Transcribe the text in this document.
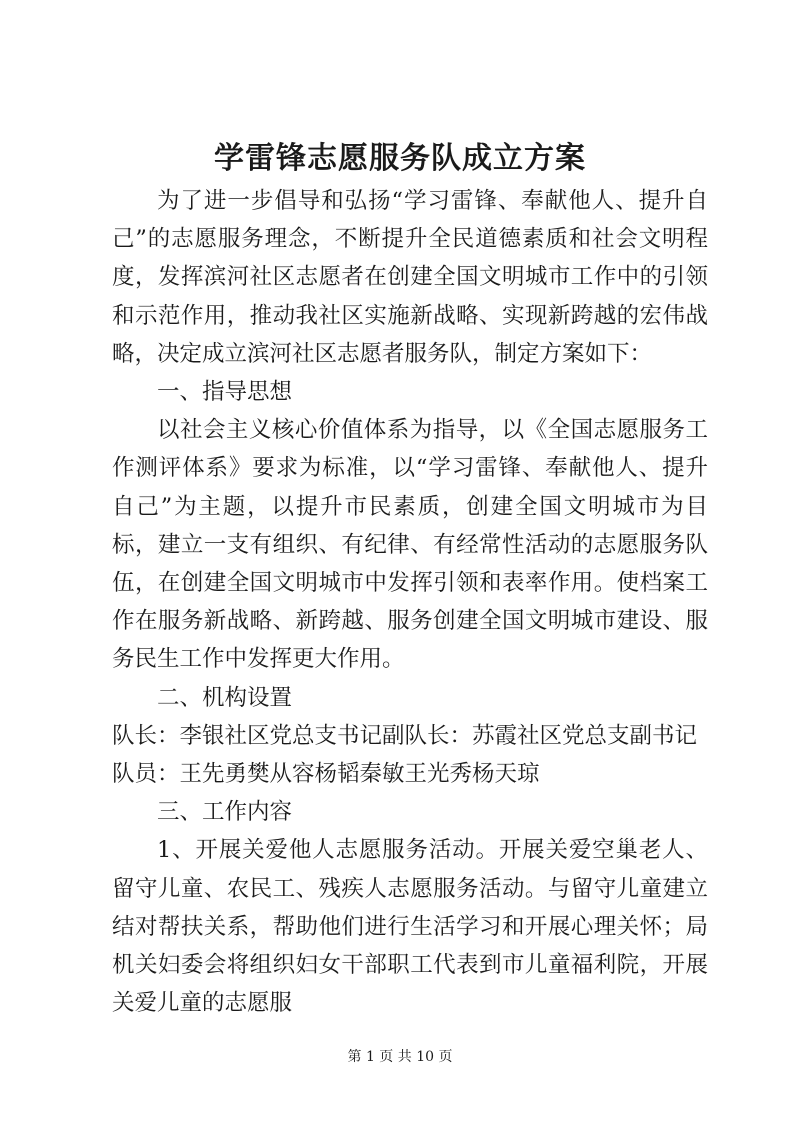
学雷锋志愿服务队成立方案

为了进一步倡导和弘扬“学习雷锋、奉献他人、提升自己”的志愿服务理念，不断提升全民道德素质和社会文明程度，发挥滨河社区志愿者在创建全国文明城市工作中的引领和示范作用，推动我社区实施新战略、实现新跨越的宏伟战略，决定成立滨河社区志愿者服务队，制定方案如下：

一、指导思想

以社会主义核心价值体系为指导，以《全国志愿服务工作测评体系》要求为标准，以“学习雷锋、奉献他人、提升自己”为主题，以提升市民素质，创建全国文明城市为目标，建立一支有组织、有纪律、有经常性活动的志愿服务队伍，在创建全国文明城市中发挥引领和表率作用。使档案工作在服务新战略、新跨越、服务创建全国文明城市建设、服务民生工作中发挥更大作用。

二、机构设置

队长：李银社区党总支书记副队长：苏霞社区党总支副书记

队员：王先勇樊从容杨韬秦敏王光秀杨天琼

三、工作内容

1、开展关爱他人志愿服务活动。开展关爱空巢老人、留守儿童、农民工、残疾人志愿服务活动。与留守儿童建立结对帮扶关系，帮助他们进行生活学习和开展心理关怀；局机关妇委会将组织妇女干部职工代表到市儿童福利院，开展关爱儿童的志愿服

第 1 页 共 10 页
